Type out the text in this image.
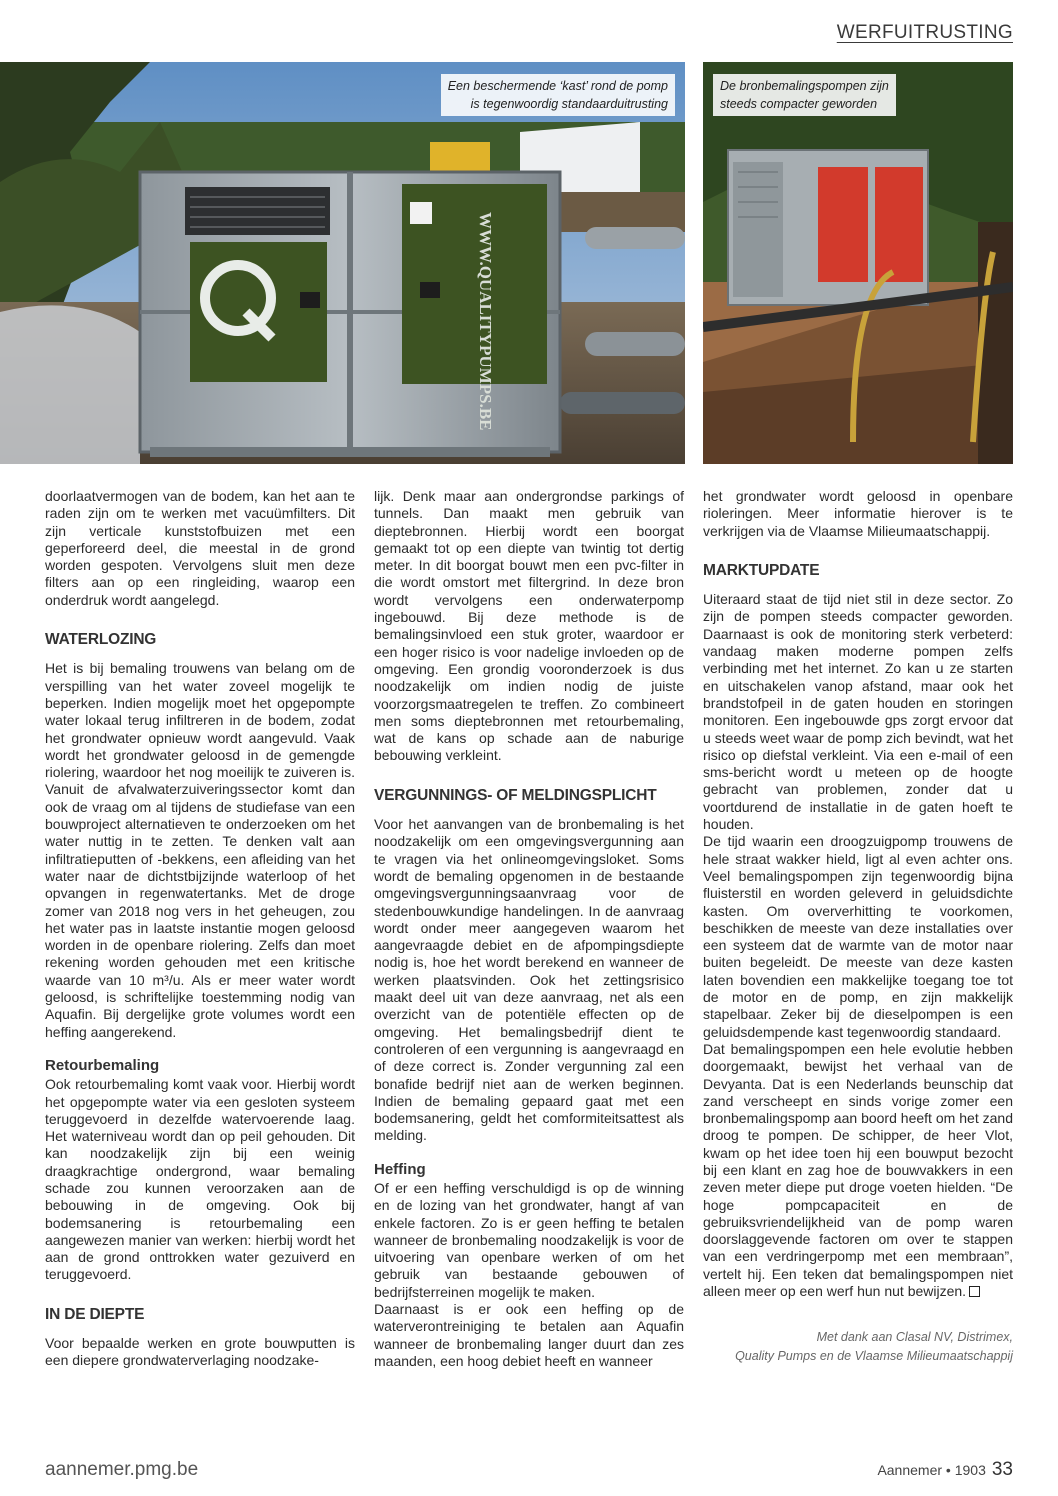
WERFUITRUSTING
WWW.QUALITYPUMPS.BE
Een beschermende ‘kast’ rond de pomp
is tegenwoordig standaarduitrusting
De bronbemalingspompen zijn
steeds compacter geworden

doorlaatvermogen van de bodem, kan het aan te raden zijn om te werken met vacuümfilters. Dit zijn verticale kunststofbuizen met een geperforeerd deel, die meestal in de grond worden gespoten. Vervolgens sluit men deze filters aan op een ringleiding, waarop een onderdruk wordt aangelegd.

WATERLOZING

Het is bij bemaling trouwens van belang om de verspilling van het water zoveel mogelijk te beperken. Indien mogelijk moet het opgepompte water lokaal terug infiltreren in de bodem, zodat het grondwater opnieuw wordt aangevuld. Vaak wordt het grondwater geloosd in de gemengde riolering, waardoor het nog moeilijk te zuiveren is. Vanuit de afvalwaterzuiveringssector komt dan ook de vraag om al tijdens de studiefase van een bouwproject alternatieven te onderzoeken om het water nuttig in te zetten. Te denken valt aan infiltratieputten of -bekkens, een afleiding van het water naar de dichtstbijzijnde waterloop of het opvangen in regenwatertanks. Met de droge zomer van 2018 nog vers in het geheugen, zou het water pas in laatste instantie mogen geloosd worden in de openbare riolering. Zelfs dan moet rekening worden gehouden met een kritische waarde van 10 m³/u. Als er meer water wordt geloosd, is schriftelijke toestemming nodig van Aquafin. Bij dergelijke grote volumes wordt een heffing aangerekend.

Retourbemaling

Ook retourbemaling komt vaak voor. Hierbij wordt het opgepompte water via een gesloten systeem teruggevoerd in dezelfde watervoerende laag. Het waterniveau wordt dan op peil gehouden. Dit kan noodzakelijk zijn bij een weinig draagkrachtige ondergrond, waar bemaling schade zou kunnen veroorzaken aan de bebouwing in de omgeving. Ook bij bodemsanering is retourbemaling een aangewezen manier van werken: hierbij wordt het aan de grond onttrokken water gezuiverd en teruggevoerd.

IN DE DIEPTE

Voor bepaalde werken en grote bouwputten is een diepere grondwaterverlaging noodzake-

lijk. Denk maar aan ondergrondse parkings of tunnels. Dan maakt men gebruik van dieptebronnen. Hierbij wordt een boorgat gemaakt tot op een diepte van twintig tot dertig meter. In dit boorgat bouwt men een pvc-filter in die wordt omstort met filtergrind. In deze bron wordt vervolgens een onderwaterpomp ingebouwd. Bij deze methode is de bemalingsinvloed een stuk groter, waardoor er een hoger risico is voor nadelige invloeden op de omgeving. Een grondig vooronderzoek is dus noodzakelijk om indien nodig de juiste voorzorgsmaatregelen te treffen. Zo combineert men soms dieptebronnen met retourbemaling, wat de kans op schade aan de naburige bebouwing verkleint.

VERGUNNINGS- OF MELDINGSPLICHT

Voor het aanvangen van de bronbemaling is het noodzakelijk om een omgevingsvergunning aan te vragen via het onlineomgevingsloket. Soms wordt de bemaling opgenomen in de bestaande omgevingsvergunningsaanvraag voor de stedenbouwkundige handelingen. In de aanvraag wordt onder meer aangegeven waarom het aangevraagde debiet en de afpompingsdiepte nodig is, hoe het wordt berekend en wanneer de werken plaatsvinden. Ook het zettingsrisico maakt deel uit van deze aanvraag, net als een overzicht van de potentiële effecten op de omgeving. Het bemalingsbedrijf dient te controleren of een vergunning is aangevraagd en of deze correct is. Zonder vergunning zal een bonafide bedrijf niet aan de werken beginnen. Indien de bemaling gepaard gaat met een bodemsanering, geldt het comformiteitsattest als melding.

Heffing

Of er een heffing verschuldigd is op de winning en de lozing van het grondwater, hangt af van enkele factoren. Zo is er geen heffing te betalen wanneer de bronbemaling noodzakelijk is voor de uitvoering van openbare werken of om het gebruik van bestaande gebouwen of bedrijfsterreinen mogelijk te maken.

Daarnaast is er ook een heffing op de waterverontreiniging te betalen aan Aquafin wanneer de bronbemaling langer duurt dan zes maanden, een hoog debiet heeft en wanneer

het grondwater wordt geloosd in openbare rioleringen. Meer informatie hierover is te verkrijgen via de Vlaamse Milieumaatschappij.

MARKTUPDATE

Uiteraard staat de tijd niet stil in deze sector. Zo zijn de pompen steeds compacter geworden. Daarnaast is ook de monitoring sterk verbeterd: vandaag maken moderne pompen zelfs verbinding met het internet. Zo kan u ze starten en uitschakelen vanop afstand, maar ook het brandstofpeil in de gaten houden en storingen monitoren. Een ingebouwde gps zorgt ervoor dat u steeds weet waar de pomp zich bevindt, wat het risico op diefstal verkleint. Via een e-mail of een sms-bericht wordt u meteen op de hoogte gebracht van problemen, zonder dat u voortdurend de installatie in de gaten hoeft te houden.

De tijd waarin een droogzuigpomp trouwens de hele straat wakker hield, ligt al even achter ons. Veel bemalingspompen zijn tegenwoordig bijna fluisterstil en worden geleverd in geluidsdichte kasten. Om oververhitting te voorkomen, beschikken de meeste van deze installaties over een systeem dat de warmte van de motor naar buiten begeleidt. De meeste van deze kasten laten bovendien een makkelijke toegang toe tot de motor en de pomp, en zijn makkelijk stapelbaar. Zeker bij de dieselpompen is een geluidsdempende kast tegenwoordig standaard.

Dat bemalingspompen een hele evolutie hebben doorgemaakt, bewijst het verhaal van de Devyanta. Dat is een Nederlands beunschip dat zand verscheept en sinds vorige zomer een bronbemalingspomp aan boord heeft om het zand droog te pompen. De schipper, de heer Vlot, kwam op het idee toen hij een bouwput bezocht bij een klant en zag hoe de bouwvakkers in een zeven meter diepe put droge voeten hielden. “De hoge pompcapaciteit en de gebruiksvriendelijkheid van de pomp waren doorslaggevende factoren om over te stappen van een verdringerpomp met een membraan”, vertelt hij. Een teken dat bemalingspompen niet alleen meer op een werf hun nut bewijzen.

Met dank aan Clasal NV, Distrimex,
Quality Pumps en de Vlaamse Milieumaatschappij
aannemer.pmg.be	Aannemer • 1903 33
